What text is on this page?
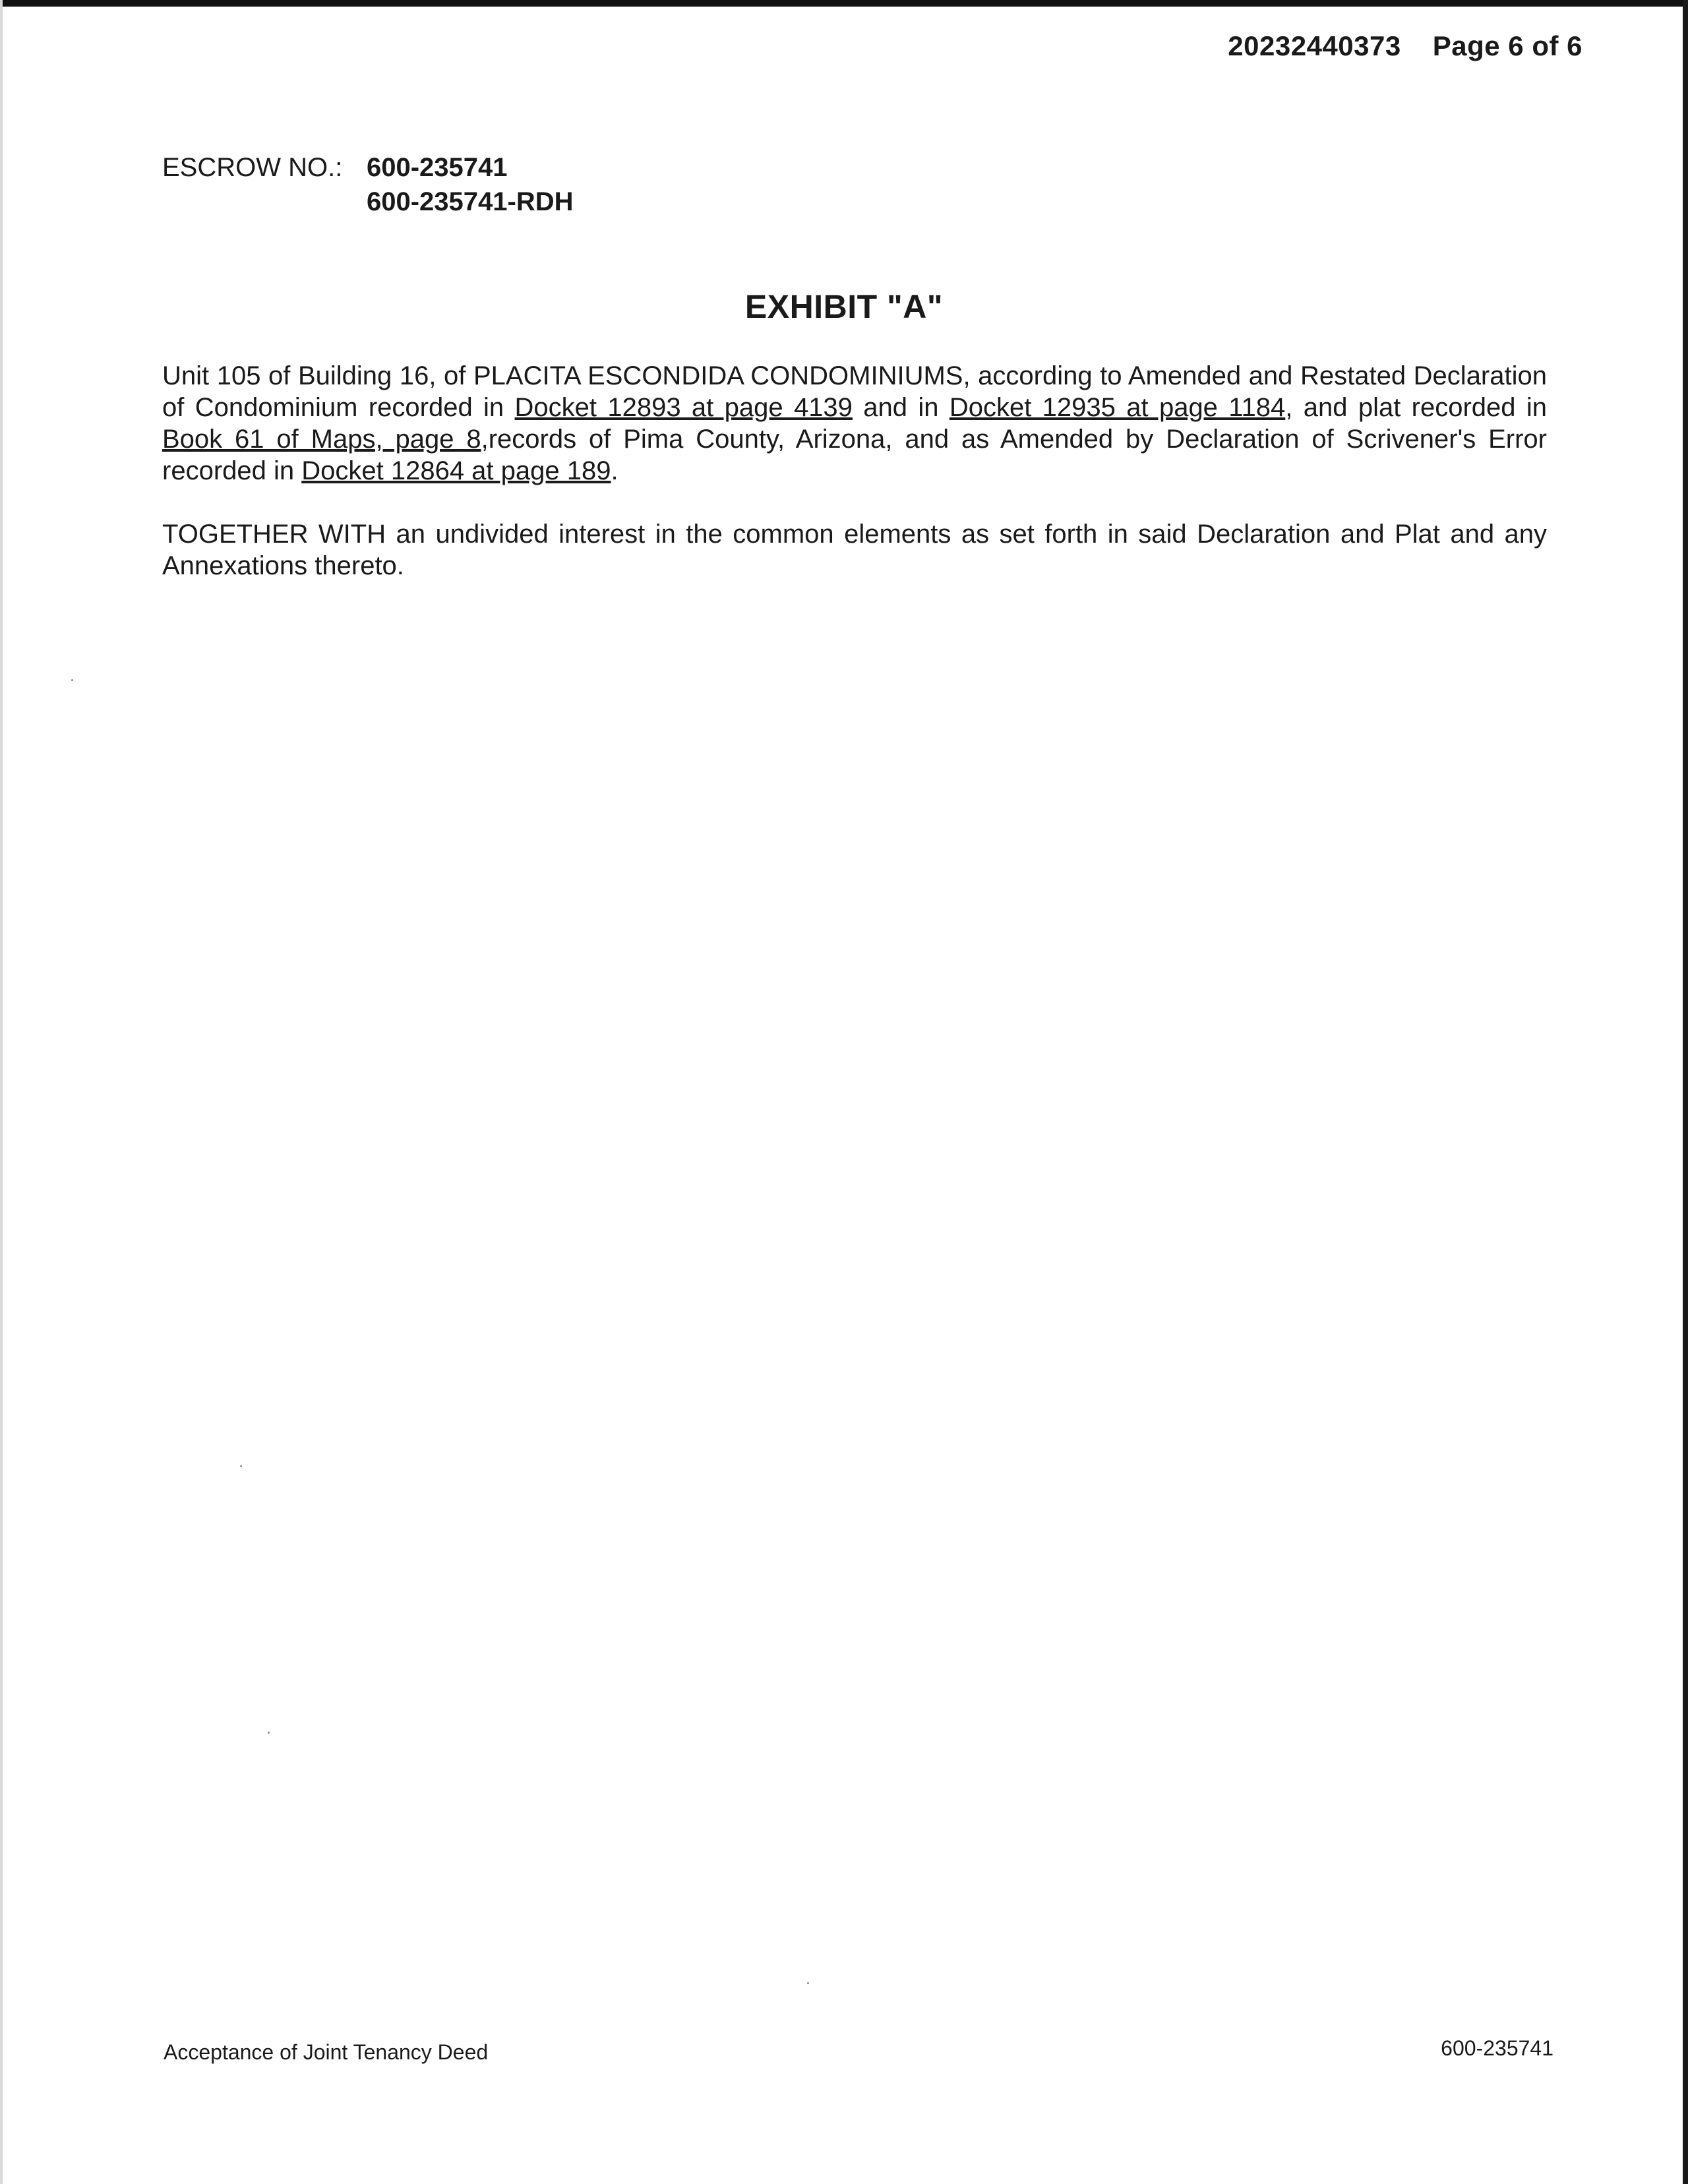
20232440373 Page 6 of 6
ESCROW NO.: 600-235741
600-235741-RDH
EXHIBIT "A"
Unit 105 of Building 16, of PLACITA ESCONDIDA CONDOMINIUMS, according to Amended and Restated Declaration of Condominium recorded in Docket 12893 at page 4139 and in Docket 12935 at page 1184, and plat recorded in Book 61 of Maps, page 8,records of Pima County, Arizona, and as Amended by Declaration of Scrivener's Error recorded in Docket 12864 at page 189.
TOGETHER WITH an undivided interest in the common elements as set forth in said Declaration and Plat and any Annexations thereto.
Acceptance of Joint Tenancy Deed	600-235741
